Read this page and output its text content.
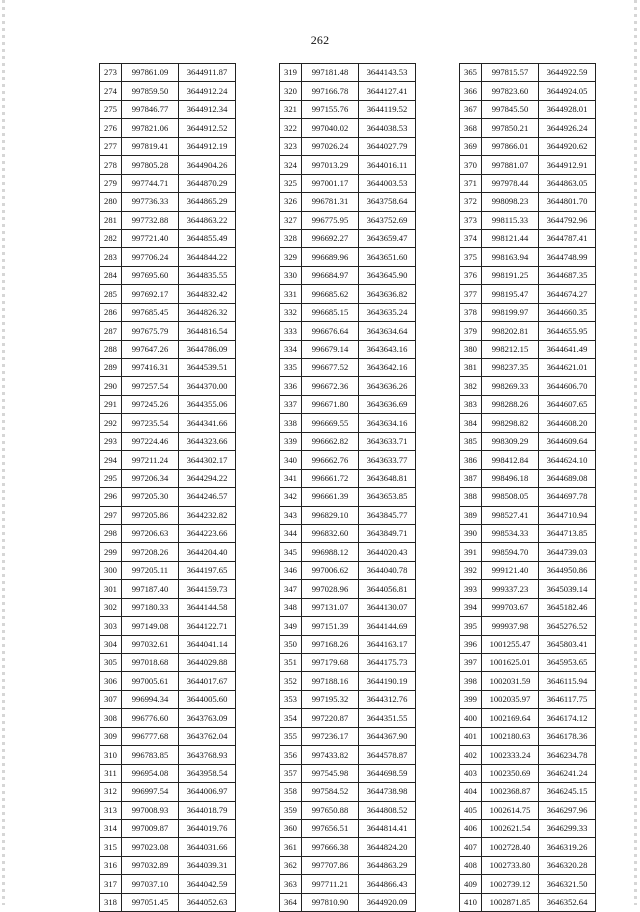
262
273	997861.09	3644911.87
274	997859.50	3644912.24
275	997846.77	3644912.34
276	997821.06	3644912.52
277	997819.41	3644912.19
278	997805.28	3644904.26
279	997744.71	3644870.29
280	997736.33	3644865.29
281	997732.88	3644863.22
282	997721.40	3644855.49
283	997706.24	3644844.22
284	997695.60	3644835.55
285	997692.17	3644832.42
286	997685.45	3644826.32
287	997675.79	3644816.54
288	997647.26	3644786.09
289	997416.31	3644539.51
290	997257.54	3644370.00
291	997245.26	3644355.06
292	997235.54	3644341.66
293	997224.46	3644323.66
294	997211.24	3644302.17
295	997206.34	3644294.22
296	997205.30	3644246.57
297	997205.86	3644232.82
298	997206.63	3644223.66
299	997208.26	3644204.40
300	997205.11	3644197.65
301	997187.40	3644159.73
302	997180.33	3644144.58
303	997149.08	3644122.71
304	997032.61	3644041.14
305	997018.68	3644029.88
306	997005.61	3644017.67
307	996994.34	3644005.60
308	996776.60	3643763.09
309	996777.68	3643762.04
310	996783.85	3643768.93
311	996954.08	3643958.54
312	996997.54	3644006.97
313	997008.93	3644018.79
314	997009.87	3644019.76
315	997023.08	3644031.66
316	997032.89	3644039.31
317	997037.10	3644042.59
318	997051.45	3644052.63
319	997181.48	3644143.53
320	997166.78	3644127.41
321	997155.76	3644119.52
322	997040.02	3644038.53
323	997026.24	3644027.79
324	997013.29	3644016.11
325	997001.17	3644003.53
326	996781.31	3643758.64
327	996775.95	3643752.69
328	996692.27	3643659.47
329	996689.96	3643651.60
330	996684.97	3643645.90
331	996685.62	3643636.82
332	996685.15	3643635.24
333	996676.64	3643634.64
334	996679.14	3643643.16
335	996677.52	3643642.16
336	996672.36	3643636.26
337	996671.80	3643636.69
338	996669.55	3643634.16
339	996662.82	3643633.71
340	996662.76	3643633.77
341	996661.72	3643648.81
342	996661.39	3643653.85
343	996829.10	3643845.77
344	996832.60	3643849.71
345	996988.12	3644020.43
346	997006.62	3644040.78
347	997028.96	3644056.81
348	997131.07	3644130.07
349	997151.39	3644144.69
350	997168.26	3644163.17
351	997179.68	3644175.73
352	997188.16	3644190.19
353	997195.32	3644312.76
354	997220.87	3644351.55
355	997236.17	3644367.90
356	997433.82	3644578.87
357	997545.98	3644698.59
358	997584.52	3644738.98
359	997650.88	3644808.52
360	997656.51	3644814.41
361	997666.38	3644824.20
362	997707.86	3644863.29
363	997711.21	3644866.43
364	997810.90	3644920.09
365	997815.57	3644922.59
366	997823.60	3644924.05
367	997845.50	3644928.01
368	997850.21	3644926.24
369	997866.01	3644920.62
370	997881.07	3644912.91
371	997978.44	3644863.05
372	998098.23	3644801.70
373	998115.33	3644792.96
374	998121.44	3644787.41
375	998163.94	3644748.99
376	998191.25	3644687.35
377	998195.47	3644674.27
378	998199.97	3644660.35
379	998202.81	3644655.95
380	998212.15	3644641.49
381	998237.35	3644621.01
382	998269.33	3644606.70
383	998288.26	3644607.65
384	998298.82	3644608.20
385	998309.29	3644609.64
386	998412.84	3644624.10
387	998496.18	3644689.08
388	998508.05	3644697.78
389	998527.41	3644710.94
390	998534.33	3644713.85
391	998594.70	3644739.03
392	999121.40	3644950.86
393	999337.23	3645039.14
394	999703.67	3645182.46
395	999937.98	3645276.52
396	1001255.47	3645803.41
397	1001625.01	3645953.65
398	1002031.59	3646115.94
399	1002035.97	3646117.75
400	1002169.64	3646174.12
401	1002180.63	3646178.36
402	1002333.24	3646234.78
403	1002350.69	3646241.24
404	1002368.87	3646245.15
405	1002614.75	3646297.96
406	1002621.54	3646299.33
407	1002728.40	3646319.26
408	1002733.80	3646320.28
409	1002739.12	3646321.50
410	1002871.85	3646352.64
